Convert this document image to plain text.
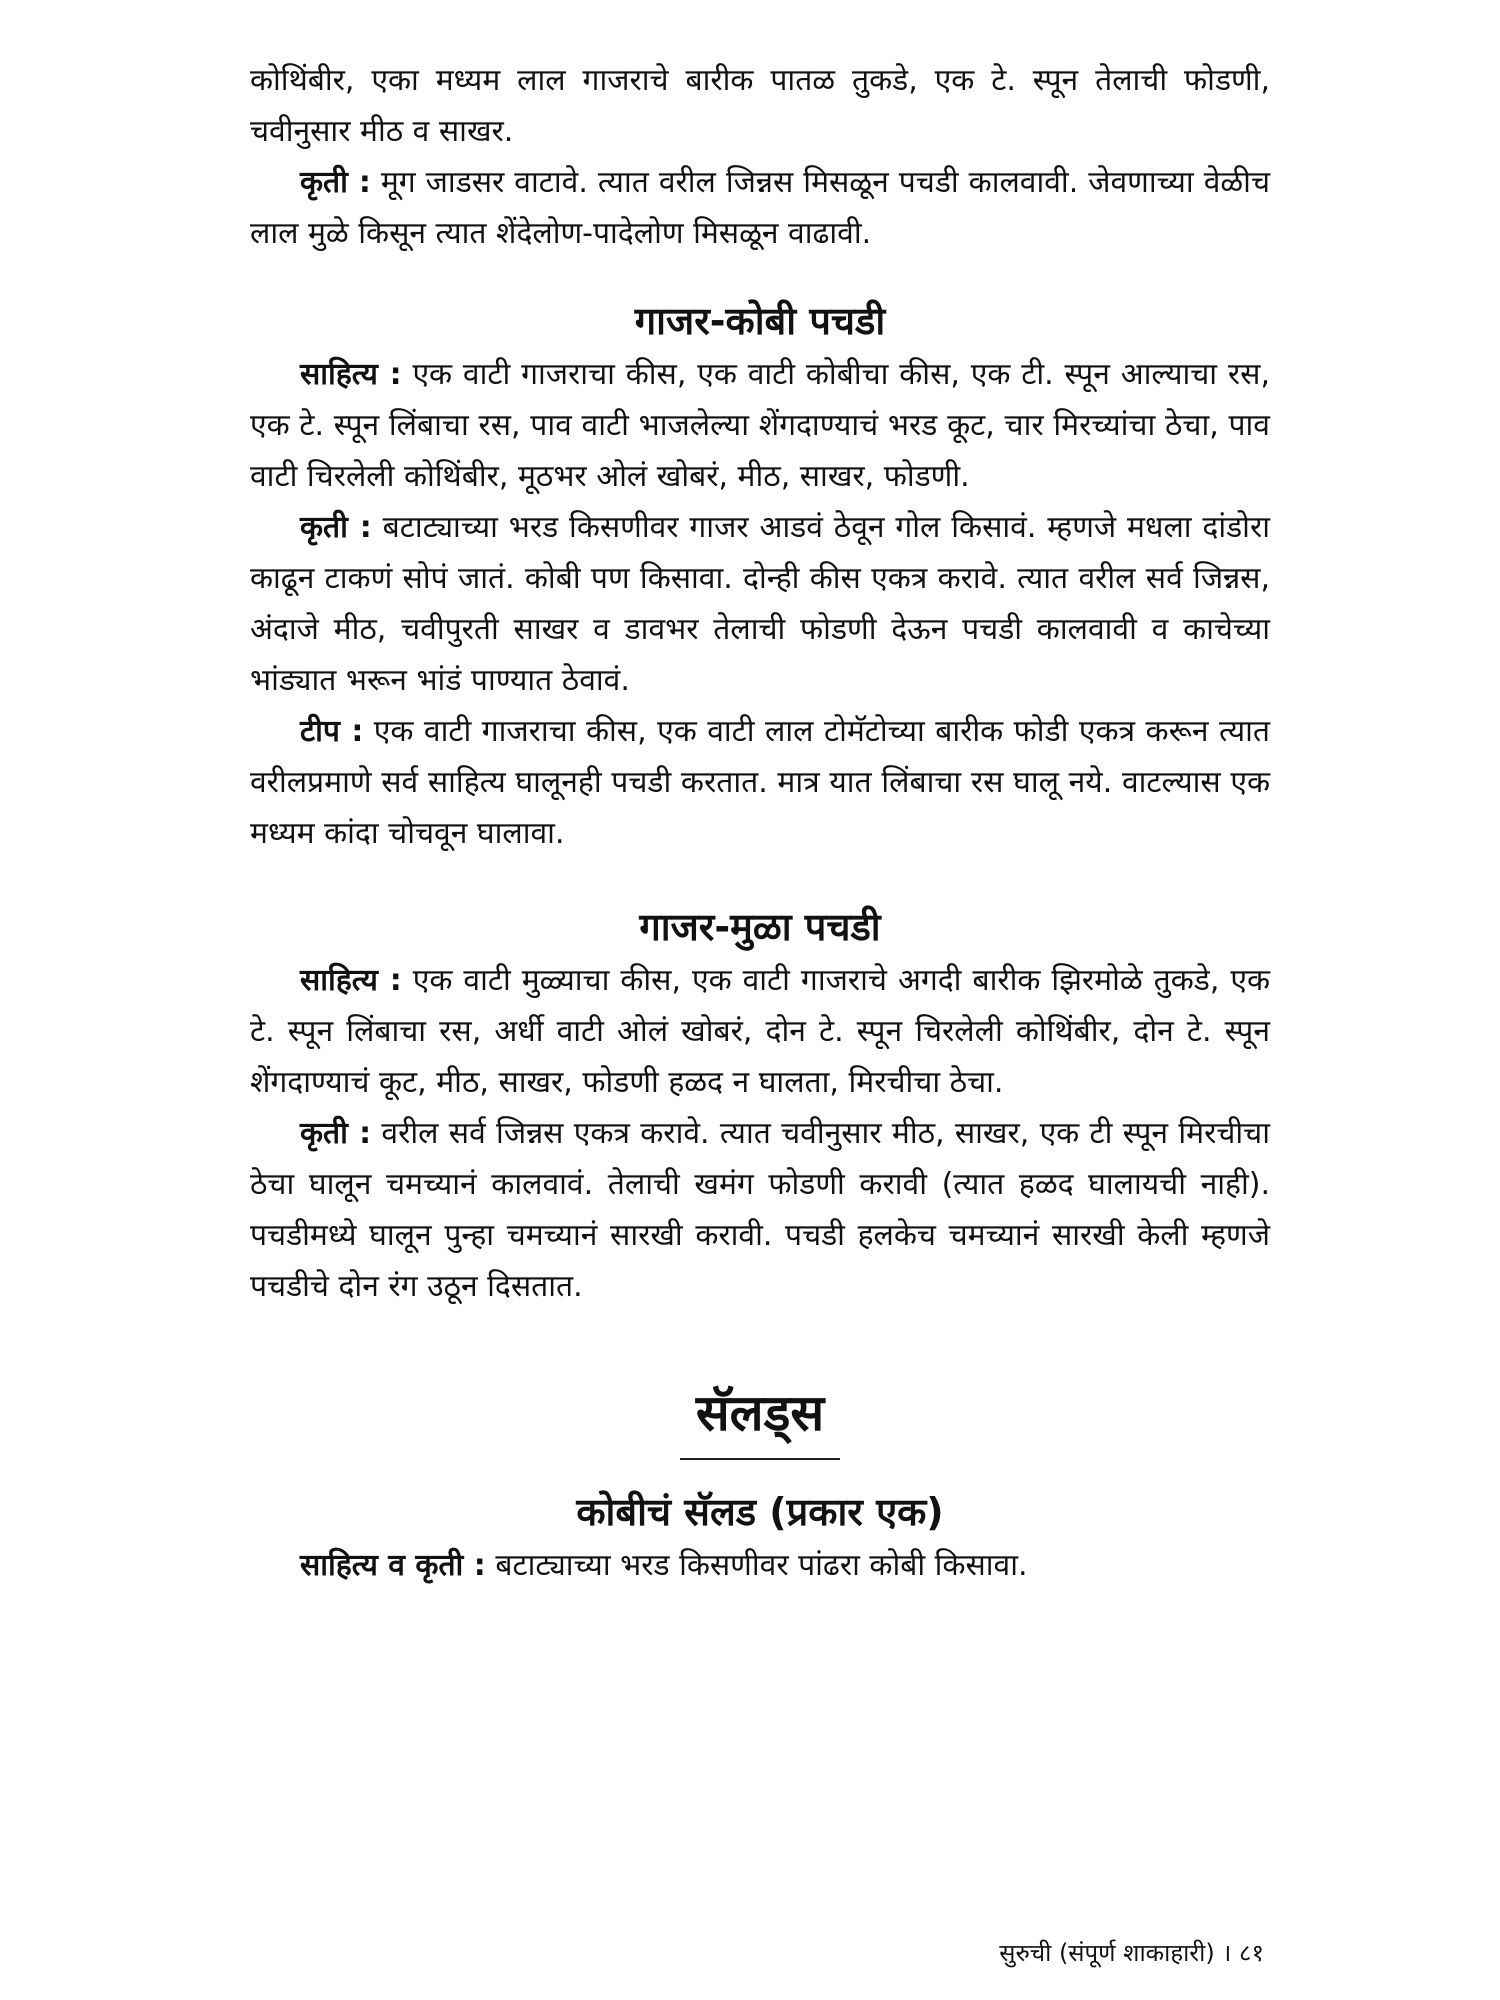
कोथिंबीर, एका मध्यम लाल गाजराचे बारीक पातळ तुकडे, एक टे. स्पून तेलाची फोडणी, चवीनुसार मीठ व साखर.

कृती : मूग जाडसर वाटावे. त्यात वरील जिन्नस मिसळून पचडी कालवावी. जेवणाच्या वेळीच लाल मुळे किसून त्यात शेंदेलोण-पादेलोण मिसळून वाढावी.

गाजर-कोबी पचडी

साहित्य : एक वाटी गाजराचा कीस, एक वाटी कोबीचा कीस, एक टी. स्पून आल्याचा रस, एक टे. स्पून लिंबाचा रस, पाव वाटी भाजलेल्या शेंगदाण्याचं भरड कूट, चार मिरच्यांचा ठेचा, पाव वाटी चिरलेली कोथिंबीर, मूठभर ओलं खोबरं, मीठ, साखर, फोडणी.

कृती : बटाट्याच्या भरड किसणीवर गाजर आडवं ठेवून गोल किसावं. म्हणजे मधला दांडोरा काढून टाकणं सोपं जातं. कोबी पण किसावा. दोन्ही कीस एकत्र करावे. त्यात वरील सर्व जिन्नस, अंदाजे मीठ, चवीपुरती साखर व डावभर तेलाची फोडणी देऊन पचडी कालवावी व काचेच्या भांड्यात भरून भांडं पाण्यात ठेवावं.

टीप : एक वाटी गाजराचा कीस, एक वाटी लाल टोमॅटोच्या बारीक फोडी एकत्र करून त्यात वरीलप्रमाणे सर्व साहित्य घालूनही पचडी करतात. मात्र यात लिंबाचा रस घालू नये. वाटल्यास एक मध्यम कांदा चोचवून घालावा.

गाजर-मुळा पचडी

साहित्य : एक वाटी मुळ्याचा कीस, एक वाटी गाजराचे अगदी बारीक झिरमोळे तुकडे, एक टे. स्पून लिंबाचा रस, अर्धी वाटी ओलं खोबरं, दोन टे. स्पून चिरलेली कोथिंबीर, दोन टे. स्पून शेंगदाण्याचं कूट, मीठ, साखर, फोडणी हळद न घालता, मिरचीचा ठेचा.

कृती : वरील सर्व जिन्नस एकत्र करावे. त्यात चवीनुसार मीठ, साखर, एक टी स्पून मिरचीचा ठेचा घालून चमच्यानं कालवावं. तेलाची खमंग फोडणी करावी (त्यात हळद घालायची नाही). पचडीमध्ये घालून पुन्हा चमच्यानं सारखी करावी. पचडी हलकेच चमच्यानं सारखी केली म्हणजे पचडीचे दोन रंग उठून दिसतात.

सॅलड्स
कोबीचं सॅलड (प्रकार एक)

साहित्य व कृती : बटाट्याच्या भरड किसणीवर पांढरा कोबी किसावा.

सुरुची (संपूर्ण शाकाहारी) । ८१
